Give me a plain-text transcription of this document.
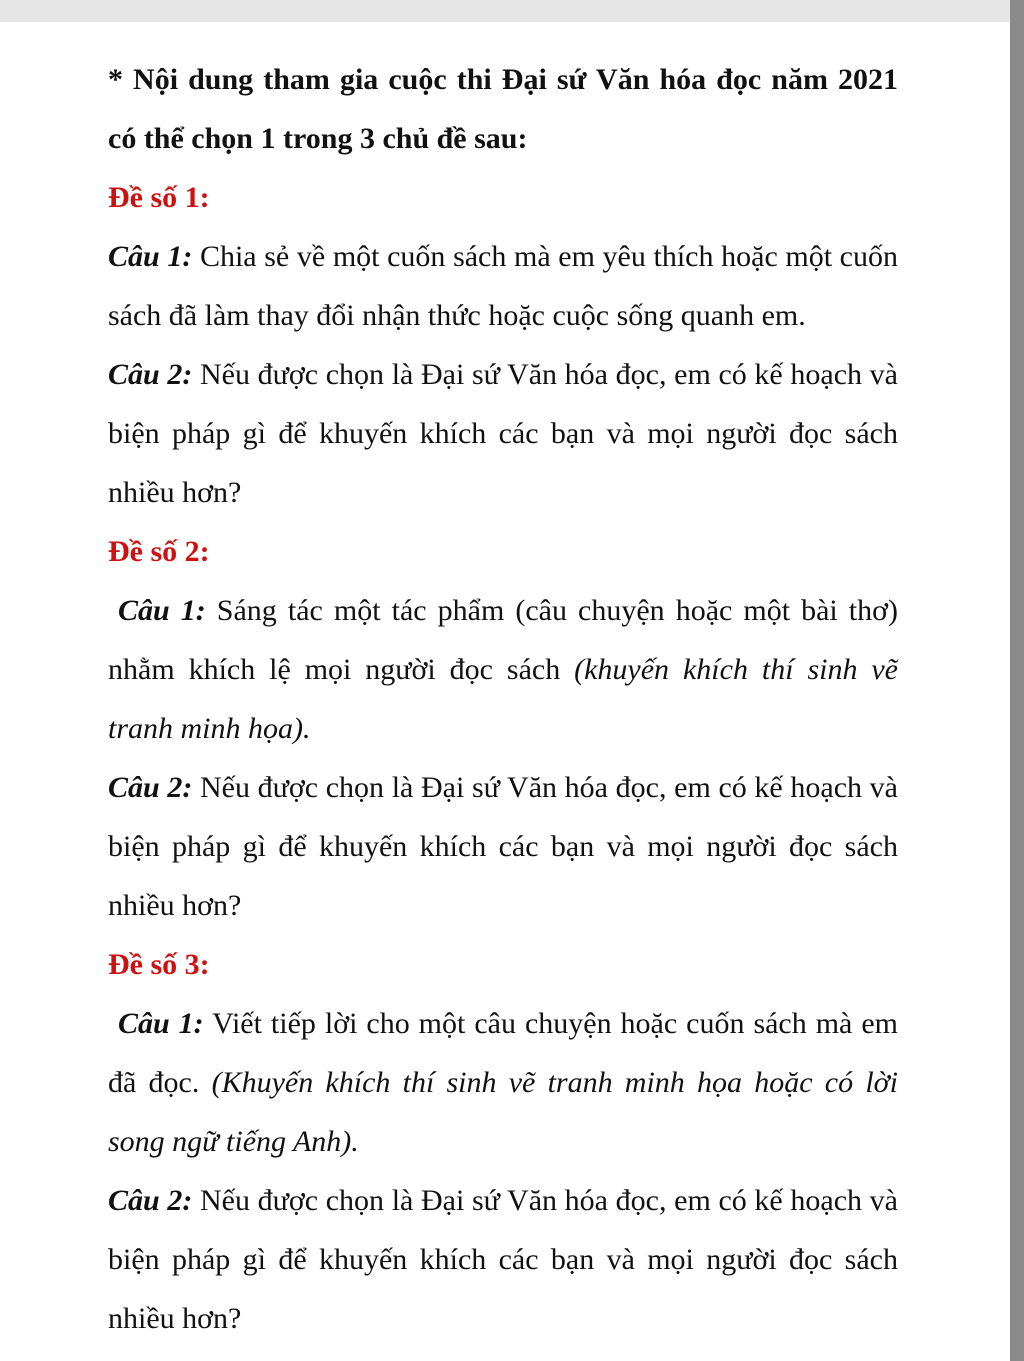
* Nội dung tham gia cuộc thi Đại sứ Văn hóa đọc năm 2021 có thể chọn 1 trong 3 chủ đề sau:

Đề số 1:

Câu 1: Chia sẻ về một cuốn sách mà em yêu thích hoặc một cuốn sách đã làm thay đổi nhận thức hoặc cuộc sống quanh em.

Câu 2: Nếu được chọn là Đại sứ Văn hóa đọc, em có kế hoạch và biện pháp gì để khuyến khích các bạn và mọi người đọc sách nhiều hơn?

Đề số 2:

Câu 1: Sáng tác một tác phẩm (câu chuyện hoặc một bài thơ) nhằm khích lệ mọi người đọc sách (khuyến khích thí sinh vẽ tranh minh họa).

Câu 2: Nếu được chọn là Đại sứ Văn hóa đọc, em có kế hoạch và biện pháp gì để khuyến khích các bạn và mọi người đọc sách nhiều hơn?

Đề số 3:

Câu 1: Viết tiếp lời cho một câu chuyện hoặc cuốn sách mà em đã đọc. (Khuyến khích thí sinh vẽ tranh minh họa hoặc có lời song ngữ tiếng Anh).

Câu 2: Nếu được chọn là Đại sứ Văn hóa đọc, em có kế hoạch và biện pháp gì để khuyến khích các bạn và mọi người đọc sách nhiều hơn?
